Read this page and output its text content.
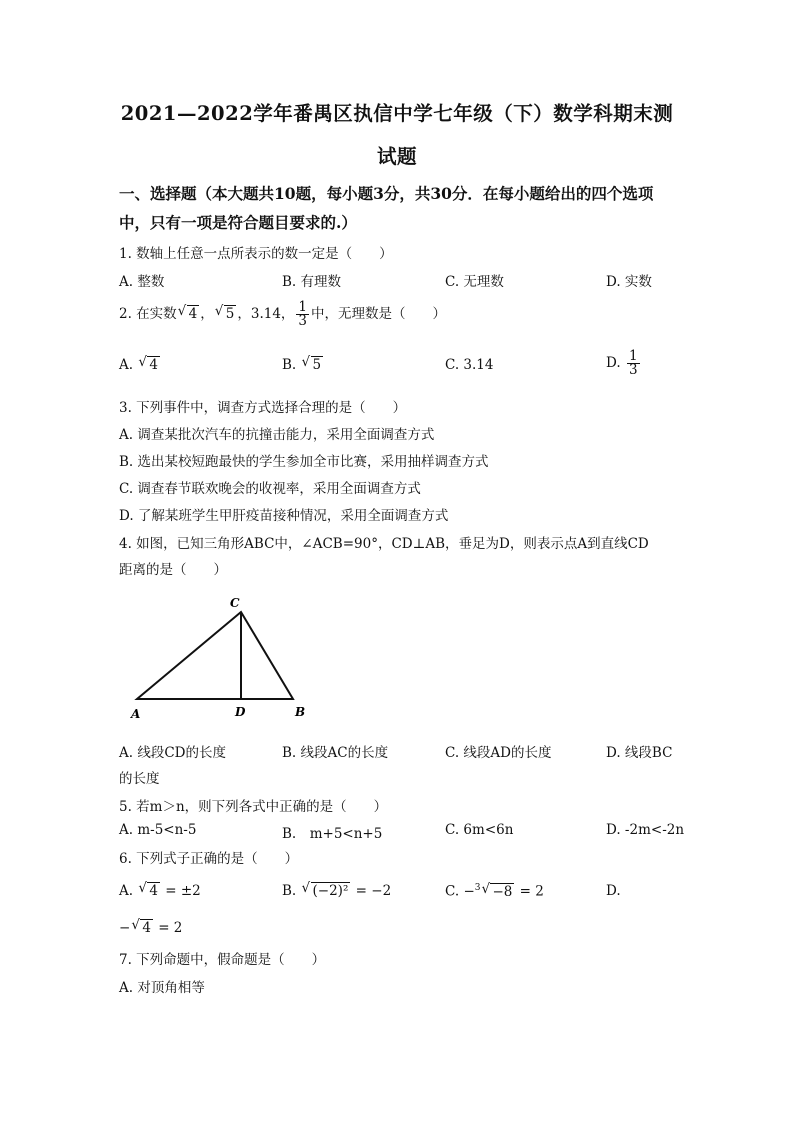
2021—2022学年番禺区执信中学七年级（下）数学科期末测
试题
一、选择题（本大题共10题，每小题3分，共30分．在每小题给出的四个选项中，只有一项是符合题目要求的.）
1. 数轴上任意一点所表示的数一定是（　　）
A. 整数	B. 有理数	C. 无理数	D. 实数
2. 在实数 √ 4 ， √ 5 ，3.14， $\frac{1}{3}$ 中，无理数是（　　）
A. √ 4	B. √ 5	C. 3.14	D. $\frac{1}{3}$
3. 下列事件中，调查方式选择合理的是（　　）
A. 调查某批次汽车的抗撞击能力，采用全面调查方式
B. 选出某校短跑最快的学生参加全市比赛，采用抽样调查方式
C. 调查春节联欢晚会的收视率，采用全面调查方式
D. 了解某班学生甲肝疫苗接种情况，采用全面调查方式
4. 如图，已知三角形ABC中，∠ACB=90°，CD⊥AB，垂足为D，则表示点A到直线CD
距离的是（　　）
C
A	D	B
A. 线段CD的长度	B. 线段AC的长度	C. 线段AD的长度	D. 线段BC
的长度
5. 若m＞n，则下列各式中正确的是（　　）
A. m-5<n-5	B.　m+5<n+5	C. 6m<6n	D. -2m<-2n
6. 下列式子正确的是（　　）
A. √ 4 = ±2	B. √ (−2)² = −2	C. −$^3$ √ −8 = 2	D.
− √ 4 = 2
7. 下列命题中，假命题是（　　）
A. 对顶角相等
